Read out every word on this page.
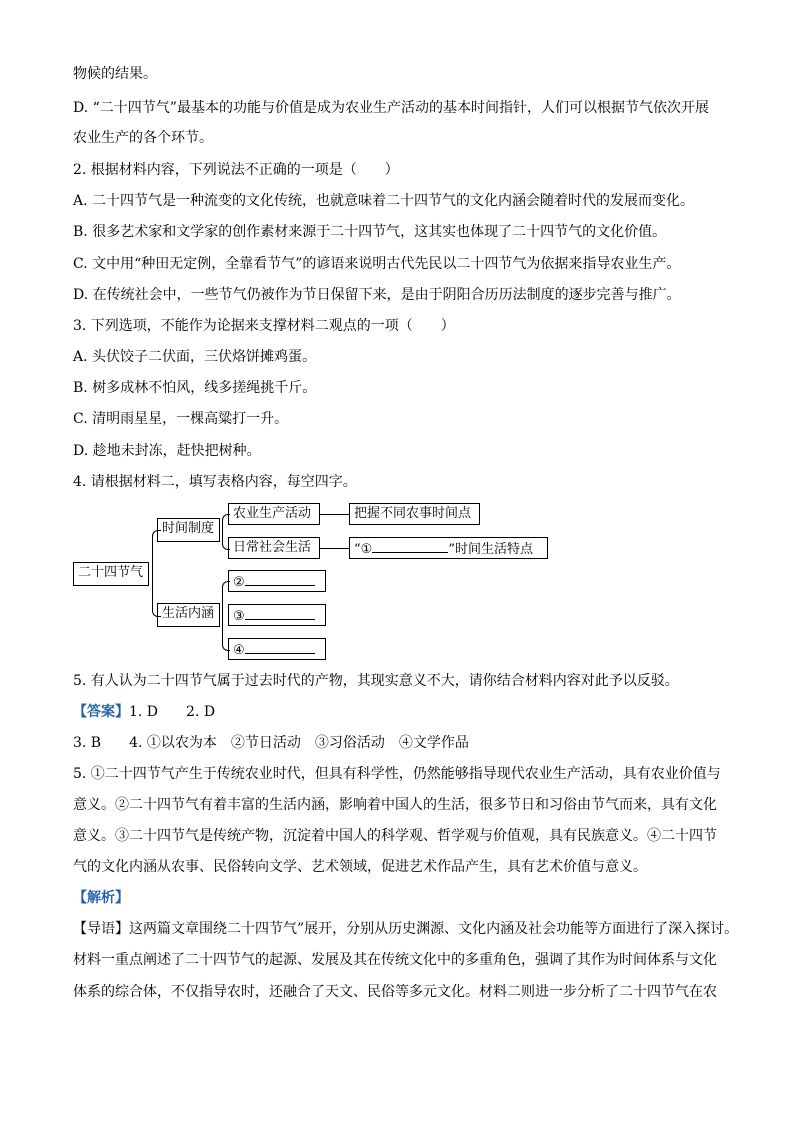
物候的结果。
D. “二十四节气”最基本的功能与价值是成为农业生产活动的基本时间指针，人们可以根据节气依次开展
农业生产的各个环节。
2. 根据材料内容，下列说法不正确的一项是（　　）
A. 二十四节气是一种流变的文化传统，也就意味着二十四节气的文化内涵会随着时代的发展而变化。
B. 很多艺术家和文学家的创作素材来源于二十四节气，这其实也体现了二十四节气的文化价值。
C. 文中用“种田无定例，全靠看节气”的谚语来说明古代先民以二十四节气为依据来指导农业生产。
D. 在传统社会中，一些节气仍被作为节日保留下来，是由于阴阳合历历法制度的逐步完善与推广。
3. 下列选项，不能作为论据来支撑材料二观点的一项（　　）
A. 头伏饺子二伏面，三伏烙饼摊鸡蛋。
B. 树多成林不怕风，线多搓绳挑千斤。
C. 清明雨星星，一棵高粱打一升。
D. 趁地未封冻，赶快把树种。
4. 请根据材料二，填写表格内容，每空四字。
二十四节气
时间制度
生活内涵
农业生产活动	把握不同农事时间点
日常社会生活	“①	”时间生活特点
②
③
④
5. 有人认为二十四节气属于过去时代的产物，其现实意义不大，请你结合材料内容对此予以反驳。
【答案】1. D　　2. D
3. B　　4. ①以农为本　②节日活动　③习俗活动　④文学作品
5. ①二十四节气产生于传统农业时代，但具有科学性，仍然能够指导现代农业生产活动，具有农业价值与
意义。②二十四节气有着丰富的生活内涵，影响着中国人的生活，很多节日和习俗由节气而来，具有文化
意义。③二十四节气是传统产物，沉淀着中国人的科学观、哲学观与价值观，具有民族意义。④二十四节
气的文化内涵从农事、民俗转向文学、艺术领域，促进艺术作品产生，具有艺术价值与意义。
【解析】
【导语】这两篇文章围绕二十四节气”展开，分别从历史渊源、文化内涵及社会功能等方面进行了深入探讨。
材料一重点阐述了二十四节气的起源、发展及其在传统文化中的多重角色，强调了其作为时间体系与文化
体系的综合体，不仅指导农时，还融合了天文、民俗等多元文化。材料二则进一步分析了二十四节气在农
